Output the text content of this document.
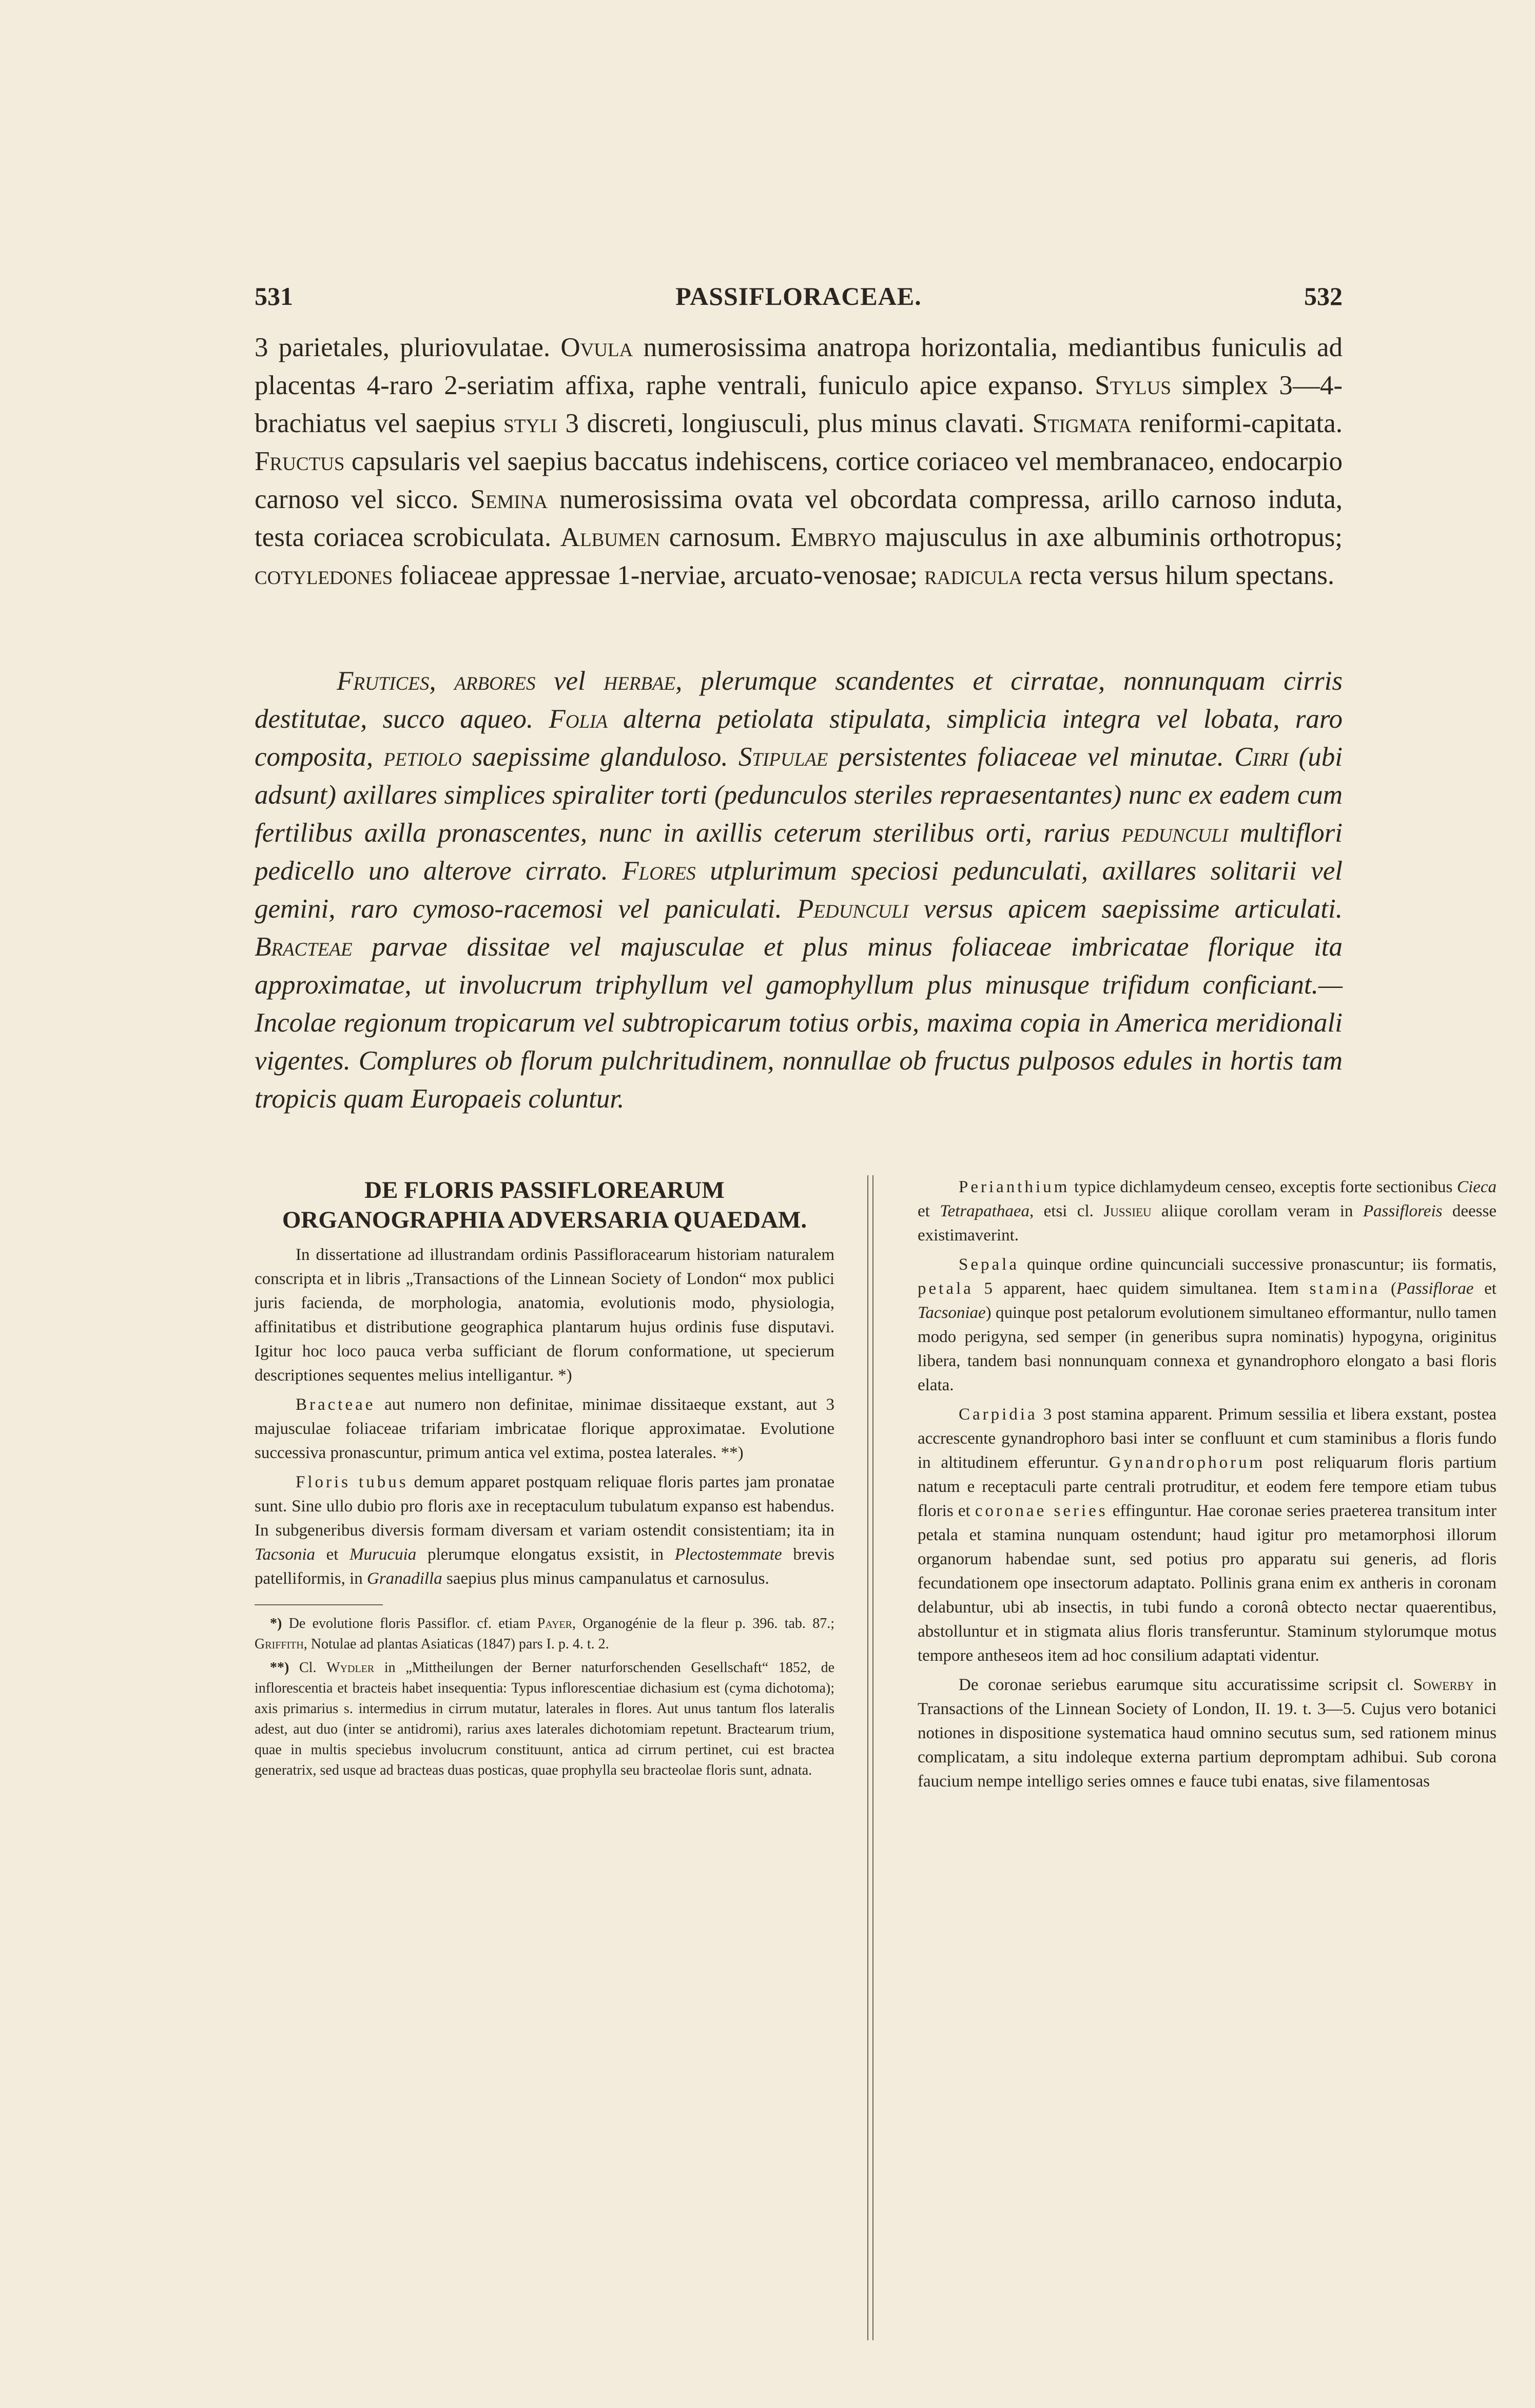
531	PASSIFLORACEAE.	532
3 parietales, pluriovulatae. Ovula numerosissima anatropa horizontalia, mediantibus funiculis ad placentas 4-raro 2-seriatim affixa, raphe ventrali, funiculo apice expanso. Stylus simplex 3—4-brachiatus vel saepius styli 3 discreti, longiusculi, plus minus clavati. Stigmata reniformi-capitata. Fructus capsularis vel saepius baccatus indehiscens, cortice coriaceo vel membranaceo, endocarpio carnoso vel sicco. Semina numerosissima ovata vel obcordata compressa, arillo carnoso induta, testa coriacea scrobiculata. Albumen carnosum. Embryo majusculus in axe albuminis orthotropus; cotyledones foliaceae appressae 1-nerviae, arcuato-venosae; radicula recta versus hilum spectans.
Frutices, arbores vel herbae, plerumque scandentes et cirratae, nonnunquam cirris destitutae, succo aqueo. Folia alterna petiolata stipulata, simplicia integra vel lobata, raro composita, petiolo saepissime glanduloso. Stipulae persistentes foliaceae vel minutae. Cirri (ubi adsunt) axillares simplices spiraliter torti (pedunculos steriles repraesentantes) nunc ex eadem cum fertilibus axilla pronascentes, nunc in axillis ceterum sterilibus orti, rarius pedunculi multiflori pedicello uno alterove cirrato. Flores utplurimum speciosi pedunculati, axillares solitarii vel gemini, raro cymoso-racemosi vel paniculati. Pedunculi versus apicem saepissime articulati. Bracteae parvae dissitae vel majusculae et plus minus foliaceae imbricatae florique ita approximatae, ut involucrum triphyllum vel gamophyllum plus minusque trifidum conficiant.— Incolae regionum tropicarum vel subtropicarum totius orbis, maxima copia in America meridionali vigentes. Complures ob florum pulchritudinem, nonnullae ob fructus pulposos edules in hortis tam tropicis quam Europaeis coluntur.
DE FLORIS PASSIFLOREARUM ORGANOGRAPHIA ADVERSARIA QUAEDAM.
In dissertatione ad illustrandam ordinis Passifloracearum historiam naturalem conscripta et in libris „Transactions of the Linnean Society of London“ mox publici juris facienda, de morphologia, anatomia, evolutionis modo, physiologia, affinitatibus et distributione geographica plantarum hujus ordinis fuse disputavi. Igitur hoc loco pauca verba sufficiant de florum conformatione, ut specierum descriptiones sequentes melius intelligantur. *)
Bracteae aut numero non definitae, minimae dissitaeque exstant, aut 3 majusculae foliaceae trifariam imbricatae florique approximatae. Evolutione successiva pronascuntur, primum antica vel extima, postea laterales. **)
Floris tubus demum apparet postquam reliquae floris partes jam pronatae sunt. Sine ullo dubio pro floris axe in receptaculum tubulatum expanso est habendus. In subgeneribus diversis formam diversam et variam ostendit consistentiam; ita in Tacsonia et Murucuia plerumque elongatus exsistit, in Plectostemmate brevis patelliformis, in Granadilla saepius plus minus campanulatus et carnosulus.
*) De evolutione floris Passiflor. cf. etiam Payer, Organogénie de la fleur p. 396. tab. 87.; Griffith, Notulae ad plantas Asiaticas (1847) pars I. p. 4. t. 2.
**) Cl. Wydler in „Mittheilungen der Berner naturforschenden Gesellschaft“ 1852, de inflorescentia et bracteis habet insequentia: Typus inflorescentiae dichasium est (cyma dichotoma); axis primarius s. intermedius in cirrum mutatur, laterales in flores. Aut unus tantum flos lateralis adest, aut duo (inter se antidromi), rarius axes laterales dichotomiam repetunt. Bractearum trium, quae in multis speciebus involucrum constituunt, antica ad cirrum pertinet, cui est bractea generatrix, sed usque ad bracteas duas posticas, quae prophylla seu bracteolae floris sunt, adnata.
Perianthium typice dichlamydeum censeo, exceptis forte sectionibus Cieca et Tetrapathaea, etsi cl. Jussieu aliique corollam veram in Passifloreis deesse existimaverint.
Sepala quinque ordine quincunciali successive pronascuntur; iis formatis, petala 5 apparent, haec quidem simultanea. Item stamina (Passiflorae et Tacsoniae) quinque post petalorum evolutionem simultaneo efformantur, nullo tamen modo perigyna, sed semper (in generibus supra nominatis) hypogyna, originitus libera, tandem basi nonnunquam connexa et gynandrophoro elongato a basi floris elata.
Carpidia 3 post stamina apparent. Primum sessilia et libera exstant, postea accrescente gynandrophoro basi inter se confluunt et cum staminibus a floris fundo in altitudinem efferuntur. Gynandrophorum post reliquarum floris partium natum e receptaculi parte centrali protruditur, et eodem fere tempore etiam tubus floris et coronae series effinguntur. Hae coronae series praeterea transitum inter petala et stamina nunquam ostendunt; haud igitur pro metamorphosi illorum organorum habendae sunt, sed potius pro apparatu sui generis, ad floris fecundationem ope insectorum adaptato. Pollinis grana enim ex antheris in coronam delabuntur, ubi ab insectis, in tubi fundo a coronâ obtecto nectar quaerentibus, abstolluntur et in stigmata alius floris transferuntur. Staminum stylorumque motus tempore antheseos item ad hoc consilium adaptati videntur.
De coronae seriebus earumque situ accuratissime scripsit cl. Sowerby in Transactions of the Linnean Society of London, II. 19. t. 3—5. Cujus vero botanici notiones in dispositione systematica haud omnino secutus sum, sed rationem minus complicatam, a situ indoleque externa partium depromptam adhibui. Sub corona faucium nempe intelligo series omnes e fauce tubi enatas, sive filamentosas
